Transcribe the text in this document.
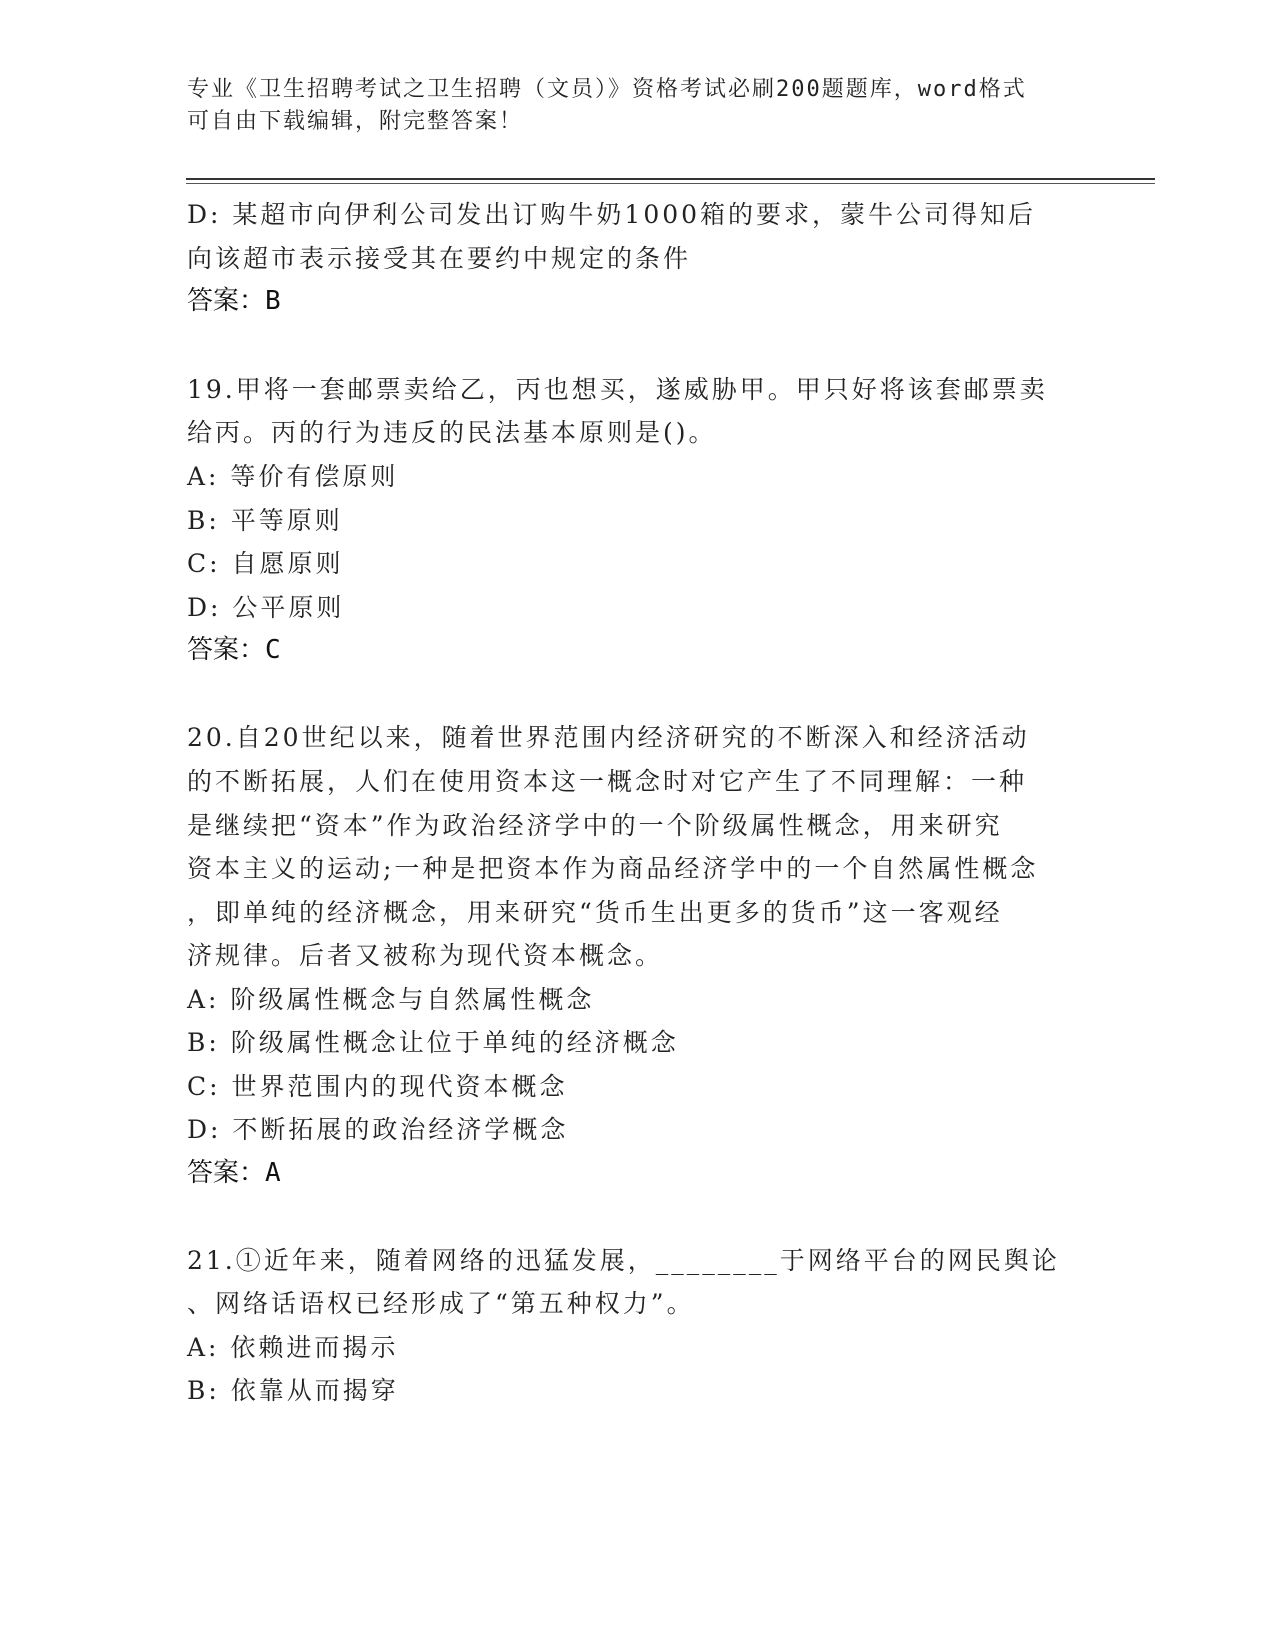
专业《卫生招聘考试之卫生招聘（文员）》资格考试必刷200题题库，word格式
可自由下载编辑，附完整答案！
D: 某超市向伊利公司发出订购牛奶1000箱的要求，蒙牛公司得知后
向该超市表示接受其在要约中规定的条件
答案：B
19.甲将一套邮票卖给乙，丙也想买，遂威胁甲。甲只好将该套邮票卖
给丙。丙的行为违反的民法基本原则是()。
A: 等价有偿原则
B: 平等原则
C: 自愿原则
D: 公平原则
答案：C
20.自20世纪以来，随着世界范围内经济研究的不断深入和经济活动
的不断拓展，人们在使用资本这一概念时对它产生了不同理解：一种
是继续把“资本”作为政治经济学中的一个阶级属性概念，用来研究
资本主义的运动;一种是把资本作为商品经济学中的一个自然属性概念
，即单纯的经济概念，用来研究“货币生出更多的货币”这一客观经
济规律。后者又被称为现代资本概念。
A: 阶级属性概念与自然属性概念
B: 阶级属性概念让位于单纯的经济概念
C: 世界范围内的现代资本概念
D: 不断拓展的政治经济学概念
答案：A
21.①近年来，随着网络的迅猛发展，________于网络平台的网民舆论
、网络话语权已经形成了“第五种权力”。
A: 依赖进而揭示
B: 依靠从而揭穿
